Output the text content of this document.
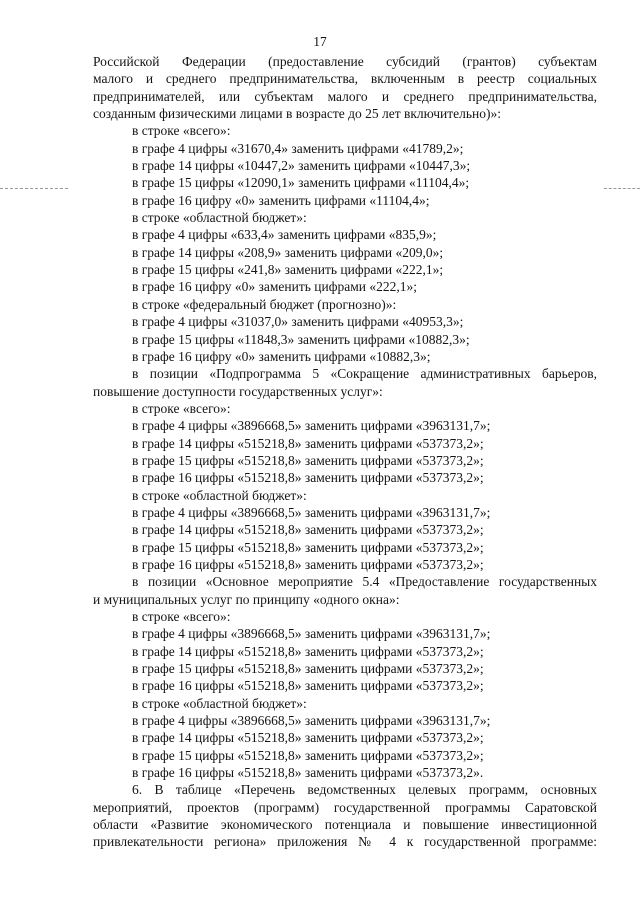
17
Российской Федерации (предоставление субсидий (грантов) субъектам
малого и среднего предпринимательства, включенным в реестр социальных
предпринимателей, или субъектам малого и среднего предпринимательства,
созданным физическими лицами в возрасте до 25 лет включительно)»:
в строке «всего»:
в графе 4 цифры «31670,4» заменить цифрами «41789,2»;
в графе 14 цифры «10447,2» заменить цифрами «10447,3»;
в графе 15 цифры «12090,1» заменить цифрами «11104,4»;
в графе 16 цифру «0» заменить цифрами «11104,4»;
в строке «областной бюджет»:
в графе 4 цифры «633,4» заменить цифрами «835,9»;
в графе 14 цифры «208,9» заменить цифрами «209,0»;
в графе 15 цифры «241,8» заменить цифрами «222,1»;
в графе 16 цифру «0» заменить цифрами «222,1»;
в строке «федеральный бюджет (прогнозно)»:
в графе 4 цифры «31037,0» заменить цифрами «40953,3»;
в графе 15 цифры «11848,3» заменить цифрами «10882,3»;
в графе 16 цифру «0» заменить цифрами «10882,3»;
в позиции «Подпрограмма 5 «Сокращение административных барьеров,
повышение доступности государственных услуг»:
в строке «всего»:
в графе 4 цифры «3896668,5» заменить цифрами «3963131,7»;
в графе 14 цифры «515218,8» заменить цифрами «537373,2»;
в графе 15 цифры «515218,8» заменить цифрами «537373,2»;
в графе 16 цифры «515218,8» заменить цифрами «537373,2»;
в строке «областной бюджет»:
в графе 4 цифры «3896668,5» заменить цифрами «3963131,7»;
в графе 14 цифры «515218,8» заменить цифрами «537373,2»;
в графе 15 цифры «515218,8» заменить цифрами «537373,2»;
в графе 16 цифры «515218,8» заменить цифрами «537373,2»;
в позиции «Основное мероприятие 5.4 «Предоставление государственных
и муниципальных услуг по принципу «одного окна»:
в строке «всего»:
в графе 4 цифры «3896668,5» заменить цифрами «3963131,7»;
в графе 14 цифры «515218,8» заменить цифрами «537373,2»;
в графе 15 цифры «515218,8» заменить цифрами «537373,2»;
в графе 16 цифры «515218,8» заменить цифрами «537373,2»;
в строке «областной бюджет»:
в графе 4 цифры «3896668,5» заменить цифрами «3963131,7»;
в графе 14 цифры «515218,8» заменить цифрами «537373,2»;
в графе 15 цифры «515218,8» заменить цифрами «537373,2»;
в графе 16 цифры «515218,8» заменить цифрами «537373,2».
6. В таблице «Перечень ведомственных целевых программ, основных
мероприятий, проектов (программ) государственной программы Саратовской
области «Развитие экономического потенциала и повышение инвестиционной
привлекательности региона» приложения № 4 к государственной программе:
